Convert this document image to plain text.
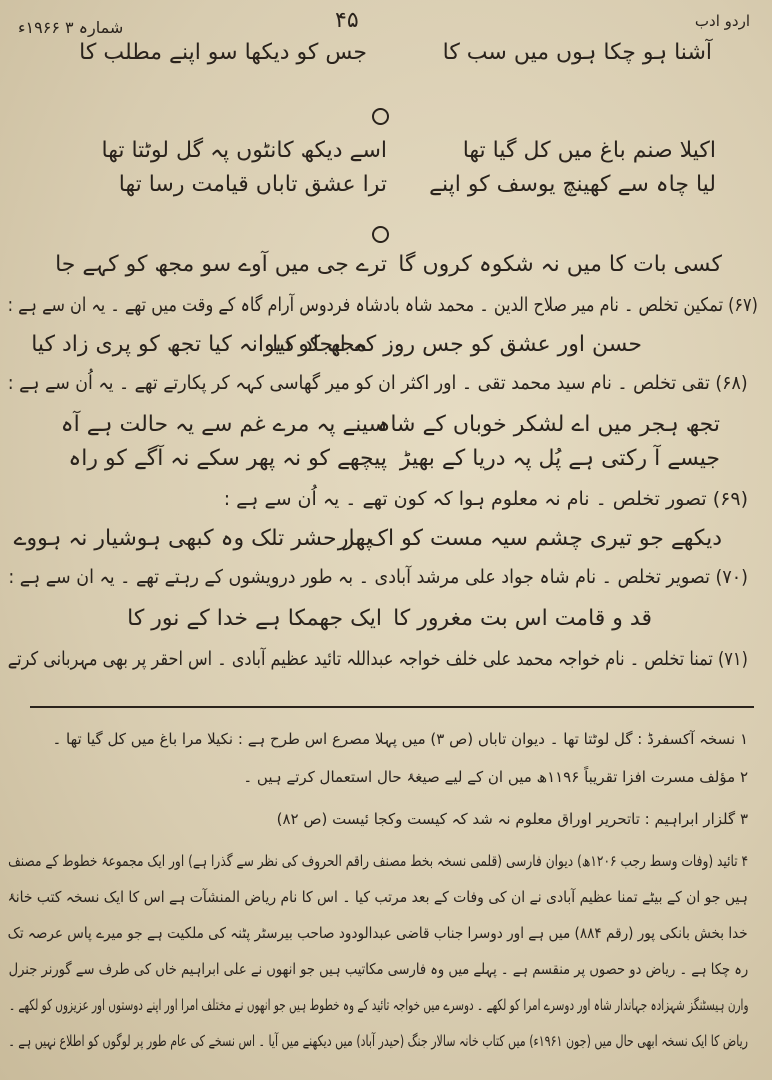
شمارہ ۳ ۱۹۶۶ء	۴۵	اردو ادب
آشنا ہو چکا ہوں میں سب کا
جس کو دیکھا سو اپنے مطلب کا
اکیلا صنم باغ میں کل گیا تھا
اسے دیکھ کانٹوں پہ گل لوٹتا تھا
لیا چاہ سے کھینچ یوسف کو اپنے
ترا عشق تاباں قیامت رسا تھا
کسی بات کا میں نہ شکوہ کروں گا
ترے جی میں آوے سو مجھ کو کہے جا
(۶۷) تمکین تخلص ۔ نام میر صلاح الدین ۔ محمد شاہ بادشاہ فردوس آرام گاہ کے وقت میں تھے ۔ یہ ان سے ہے :
حسن اور عشق کو جس روز کہ ایجاد کیا
مجھ کو دیوانہ کیا تجھ کو پری زاد کیا
(۶۸) تقی تخلص ۔ نام سید محمد تقی ۔ اور اکثر ان کو میر گھاسی کہہ کر پکارتے تھے ۔ یہ اُن سے ہے :
تجھ ہجر میں اے لشکر خوباں کے شاہ
سینے پہ مرے غم سے یہ حالت ہے آہ
جیسے آ رکتی ہے پُل پہ دریا کے بھیڑ
پیچھے کو نہ پھر سکے نہ آگے کو راہ
(۶۹) تصور تخلص ۔ نام نہ معلوم ہوا کہ کون تھے ۔ یہ اُن سے ہے :
دیکھے جو تیری چشم سیہ مست کو اک بار
پھر حشر تلک وہ کبھی ہوشیار نہ ہووے
(۷۰) تصویر تخلص ۔ نام شاہ جواد علی مرشد آبادی ۔ بہ طور درویشوں کے رہتے تھے ۔ یہ ان سے ہے :
قد و قامت اس بت مغرور کا
ایک جھمکا ہے خدا کے نور کا
(۷۱) تمنا تخلص ۔ نام خواجہ محمد علی خلف خواجہ عبداللہ تائید عظیم آبادی ۔ اس احقر پر بھی مہربانی کرتے
۱ نسخہ آکسفرڈ : گل لوٹتا تھا ۔ دیوان تاباں (ص ۳) میں پہلا مصرع اس طرح ہے : نکیلا مرا باغ میں کل گیا تھا ۔
۲ مؤلف مسرت افزا تقریباً ۱۱۹۶ھ میں ان کے لیے صیغۂ حال استعمال کرتے ہیں ۔
۳ گلزار ابراہیم : تاتحریر اوراق معلوم نہ شد کہ کیست وکجا ئیست (ص ۸۲)
۴ تائید (وفات وسط رجب ۱۲۰۶ھ) دیوان فارسی (قلمی نسخہ بخط مصنف راقم الحروف کی نظر سے گذرا ہے) اور ایک مجموعۂ خطوط کے مصنف
ہیں جو ان کے بیٹے تمنا عظیم آبادی نے ان کی وفات کے بعد مرتب کیا ۔ اس کا نام ریاض المنشآت ہے اس کا ایک نسخہ کتب خانۂ
خدا بخش بانکی پور (رقم ۸۸۴) میں ہے اور دوسرا جناب قاضی عبدالودود صاحب بیرسٹر پٹنہ کی ملکیت ہے جو میرے پاس عرصہ تک
رہ چکا ہے ۔ ریاض دو حصوں پر منقسم ہے ۔ پہلے میں وہ فارسی مکاتیب ہیں جو انھوں نے علی ابراہیم خاں کی طرف سے گورنر جنرل
وارن ہیسٹنگز شہزادہ جہاندار شاہ اور دوسرے امرا کو لکھے ۔ دوسرے میں خواجہ تائید کے وہ خطوط ہیں جو انھوں نے مختلف امرا اور اپنے دوستوں اور عزیزوں کو لکھے ۔
ریاض کا ایک نسخہ ابھی حال میں (جون ۱۹۶۱ء) میں کتاب خانہ سالار جنگ (حیدر آباد) میں دیکھنے میں آیا ۔ اس نسخے کی عام طور پر لوگوں کو اطلاع نہیں ہے ۔
